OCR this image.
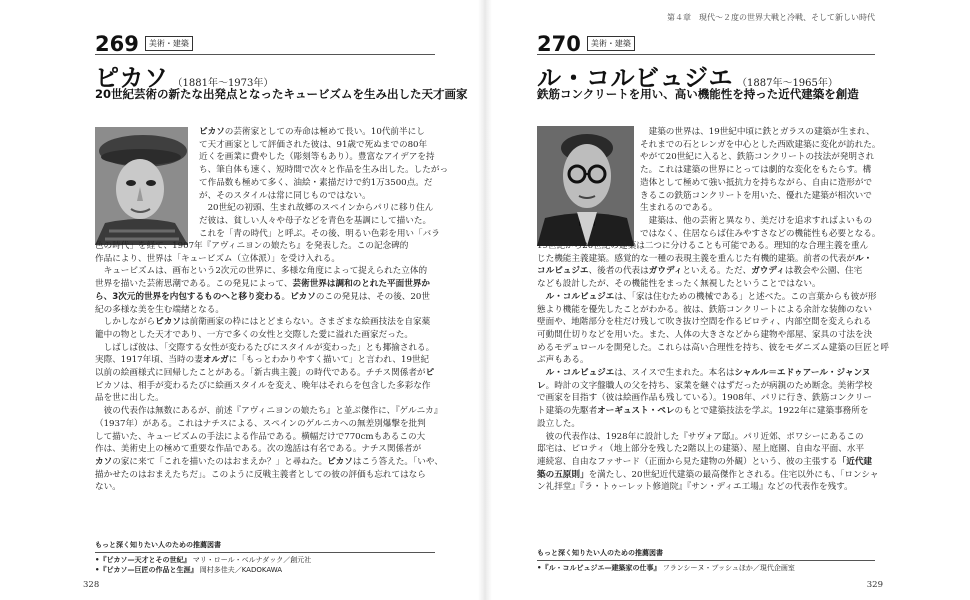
269	美術・建築
ピカソ （1881年〜1973年）
20世紀芸術の新たな出発点となったキュービズムを生み出した天才画家
ピカソの芸術家としての寿命は極めて長い。10代前半にし
て天才画家として評価された彼は、91歳で死ぬまでの80年
近くを画業に費やした（彫刻等もあり）。豊富なアイデアを持
ち、筆自体も速く、短時間で次々と作品を生み出した。したがっ
て作品数も極めて多く、油絵・素描だけで約1万3500点。だ
が、そのスタイルは常に同じものではない。
　20世紀の初頭、生まれ故郷のスペインからパリに移り住ん
だ彼は、貧しい人々や母子などを青色を基調にして描いた。
これを「青の時代」と呼ぶ。その後、明るい色彩を用い「バラ
色の時代」を経て、1907年『アヴィニヨンの娘たち』を発表した。この記念碑的
作品により、世界は「キュービズム（立体派）」を受け入れる。
　キュービズムは、画布という2次元の世界に、多様な角度によって捉えられた立体的
世界を描いた芸術思潮である。この発見によって、芸術世界は調和のとれた平面世界か
ら、3次元的世界を内包するものへと移り変わる。ピカソのこの発見は、その後、20世
紀の多様な美を生む端緒となる。
　しかしながらピカソは前衛画家の枠にはとどまらない。さまざまな絵画技法を自家薬
籠中の物とした天才であり、一方で多くの女性と交際した愛に溢れた画家だった。
　しばしば彼は、「交際する女性が変わるたびにスタイルが変わった」とも揶揄される。
実際、1917年頃、当時の妻オルガに「もっとわかりやすく描いて」と言われ、19世紀
以前の絵画様式に回帰したことがある。「新古典主義」の時代である。チチス関係者がピ
ピカソは、相手が変わるたびに絵画スタイルを変え、晩年はそれらを包含した多彩な作
品を世に出した。
　彼の代表作は無数にあるが、前述『アヴィニヨンの娘たち』と並ぶ傑作に、『ゲルニカ』
（1937年）がある。これはナチスによる、スペインのゲルニカへの無差別爆撃を批判
して描いた、キュービズムの手法による作品である。横幅だけで770cmもあるこの大
作は、美術史上の極めて重要な作品である。次の逸話は有名である。ナチス関係者が
カソの家に来て「これを描いたのはおまえか？」と尋ねた。ピカソはこう答えた。「いや、
描かせたのはおまえたちだ」。このように反戦主義者としての彼の評価も忘れてはなら
ない。
もっと深く知りたい人のための推薦図書
•『ピカソ—天才とその世紀』 マリ・ロール・ベルナダック／創元社
•『ピカソ—巨匠の作品と生涯』 岡村多佳夫／KADOKAWA
328
第４章　現代〜２度の世界大戦と冷戦、そして新しい時代
270	美術・建築
ル・コルビュジエ （1887年〜1965年）
鉄筋コンクリートを用い、高い機能性を持った近代建築を創造
　建築の世界は、19世紀中頃に鉄とガラスの建築が生まれ、
それまでの石とレンガを中心とした西欧建築に変化が訪れた。
やがて20世紀に入ると、鉄筋コンクリートの技法が発明され
た。これは建築の世界にとっては劇的な変化をもたらす。構
造体として極めて強い抵抗力を持ちながら、自由に造形がで
きるこの鉄筋コンクリートを用いた、優れた建築が相次いで
生まれるのである。
　建築は、他の芸術と異なり、美だけを追求すればよいもの
ではなく、住居ならば住みやすさなどの機能性も必要となる。
19世紀から20世紀の建築は二つに分けることも可能である。理知的な合理主義を重ん
じた機能主義建築。感覚的な一種の表現主義を重んじた有機的建築。前者の代表がル・
コルビュジエ、後者の代表はガウディといえる。ただ、ガウディは教会や公園、住宅
なども設計したが、その機能性をまったく無視したということではない。
　ル・コルビュジエは、「家は住むための機械である」と述べた。この言葉からも彼が形
態より機能を優先したことがわかる。彼は、鉄筋コンクリートによる余計な装飾のない
壁面や、地階部分を柱だけ残して吹き抜け空間を作るピロティ、内部空間を変えられる
可動間仕切りなどを用いた。また、人体の大きさなどから建物や部屋、家具の寸法を決
めるモデュロールを開発した。これらは高い合理性を持ち、彼をモダニズム建築の巨匠と呼
ぶ声もある。
　ル・コルビュジエは、スイスで生まれた。本名はシャルル＝エドゥアール・ジャンヌ
レ。時計の文字盤職人の父を持ち、家業を継ぐはずだったが病親のため断念。美術学校
で画家を目指す（彼は絵画作品も残している）。1908年、パリに行き、鉄筋コンクリー
ト建築の先駆者オーギュスト・ペレのもとで建築技法を学ぶ。1922年に建築事務所を
設立した。
　彼の代表作は、1928年に設計した『サヴォア邸』。パリ近郊、ポワシーにあるこの
邸宅は、ピロティ（地上部分を残した2階以上の建築）、屋上庭園、自由な平面、水平
連続窓、自由なファサード（正面から見た建物の外観）という、彼の主張する「近代建
築の五原則」を満たし、20世紀近代建築の最高傑作とされる。住宅以外にも、「ロンシャ
ン礼拝堂』『ラ・トゥーレット修道院』『サン・ディエ工場』などの代表作を残す。
もっと深く知りたい人のための推薦図書
•『ル・コルビュジエ—建築家の仕事』 フランシーヌ・ブッシュほか／現代企画室
329
